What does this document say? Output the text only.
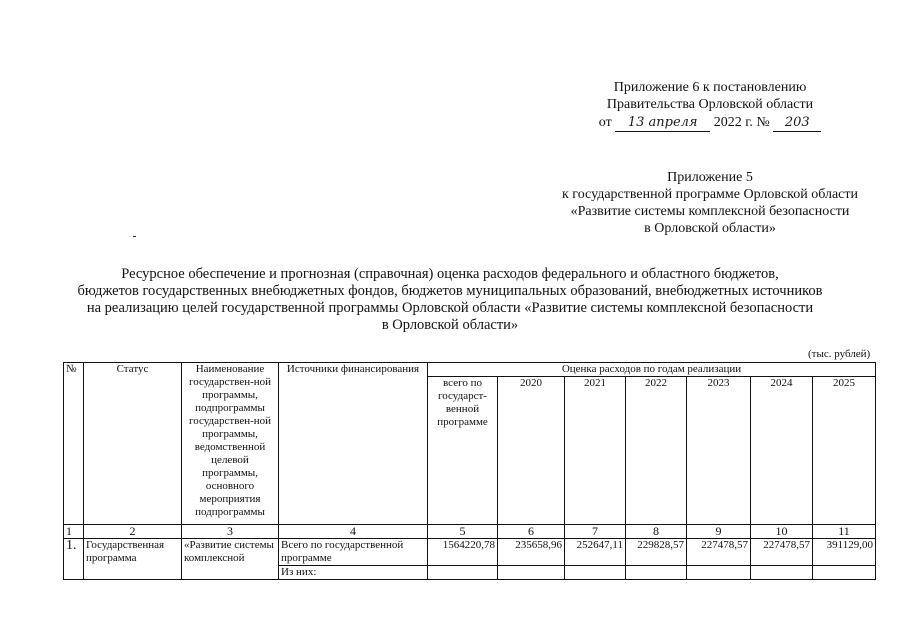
Приложение 6 к постановлению
Правительства Орловской области
от 13 апреля 2022 г. № 203
Приложение 5
к государственной программе Орловской области
«Развитие системы комплексной безопасности
в Орловской области»
Ресурсное обеспечение и прогнозная (справочная) оценка расходов федерального и областного бюджетов,
бюджетов государственных внебюджетных фондов, бюджетов муниципальных образований, внебюджетных источников
на реализацию целей государственной программы Орловской области «Развитие системы комплексной безопасности
в Орловской области»
(тыс. рублей)
№	Статус	Наименование государствен-ной программы, подпрограммы государствен-ной программы, ведомственной целевой программы, основного мероприятия подпрограммы	Источники финансирования	Оценка расходов по годам реализации						
				всего по государст-венной программе	2020	2021	2022	2023	2024	2025
1	2	3	4	5	6	7	8	9	10	11
1.	Государственная программа	«Развитие системы комплексной	Всего по государственной программе	1564220,78	235658,96	252647,11	229828,57	227478,57	227478,57	391129,00
			Из них:							
